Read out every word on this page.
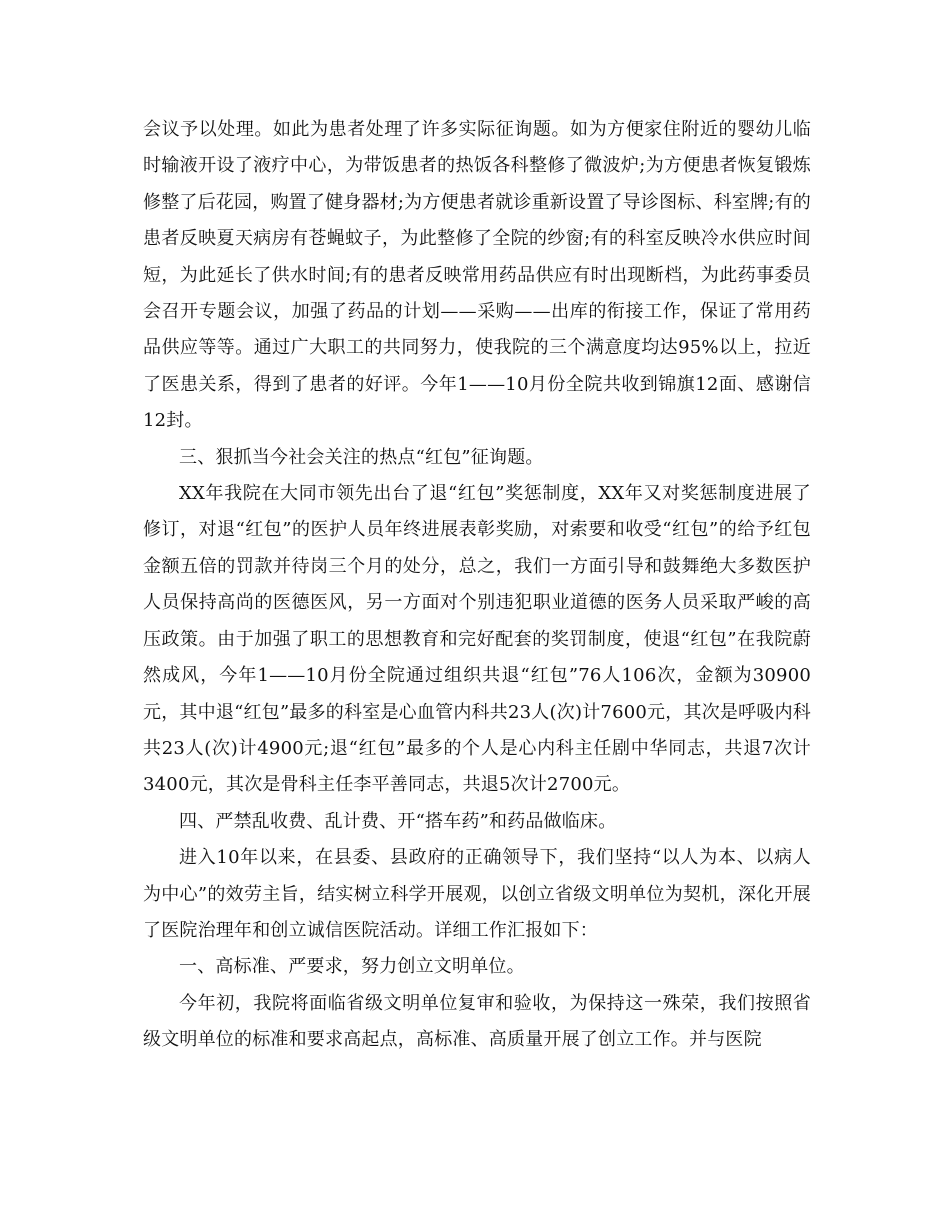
会议予以处理。如此为患者处理了许多实际征询题。如为方便家住附近的婴幼儿临时输液开设了液疗中心，为带饭患者的热饭各科整修了微波炉;为方便患者恢复锻炼修整了后花园，购置了健身器材;为方便患者就诊重新设置了导诊图标、科室牌;有的患者反映夏天病房有苍蝇蚊子，为此整修了全院的纱窗;有的科室反映冷水供应时间短，为此延长了供水时间;有的患者反映常用药品供应有时出现断档，为此药事委员会召开专题会议，加强了药品的计划——采购——出库的衔接工作，保证了常用药品供应等等。通过广大职工的共同努力，使我院的三个满意度均达95%以上，拉近了医患关系，得到了患者的好评。今年1——10月份全院共收到锦旗12面、感谢信12封。

三、狠抓当今社会关注的热点“红包”征询题。

XX年我院在大同市领先出台了退“红包”奖惩制度，XX年又对奖惩制度进展了修订，对退“红包”的医护人员年终进展表彰奖励，对索要和收受“红包”的给予红包金额五倍的罚款并待岗三个月的处分，总之，我们一方面引导和鼓舞绝大多数医护人员保持高尚的医德医风，另一方面对个别违犯职业道德的医务人员采取严峻的高压政策。由于加强了职工的思想教育和完好配套的奖罚制度，使退“红包”在我院蔚然成风，今年1——10月份全院通过组织共退“红包”76人106次，金额为30900元，其中退“红包”最多的科室是心血管内科共23人(次)计7600元，其次是呼吸内科共23人(次)计4900元;退“红包”最多的个人是心内科主任剧中华同志，共退7次计3400元，其次是骨科主任李平善同志，共退5次计2700元。

四、严禁乱收费、乱计费、开“搭车药”和药品做临床。

进入10年以来，在县委、县政府的正确领导下，我们坚持“以人为本、以病人为中心”的效劳主旨，结实树立科学开展观，以创立省级文明单位为契机，深化开展了医院治理年和创立诚信医院活动。详细工作汇报如下：

一、高标准、严要求，努力创立文明单位。

今年初，我院将面临省级文明单位复审和验收，为保持这一殊荣，我们按照省级文明单位的标准和要求高起点，高标准、高质量开展了创立工作。并与医院
